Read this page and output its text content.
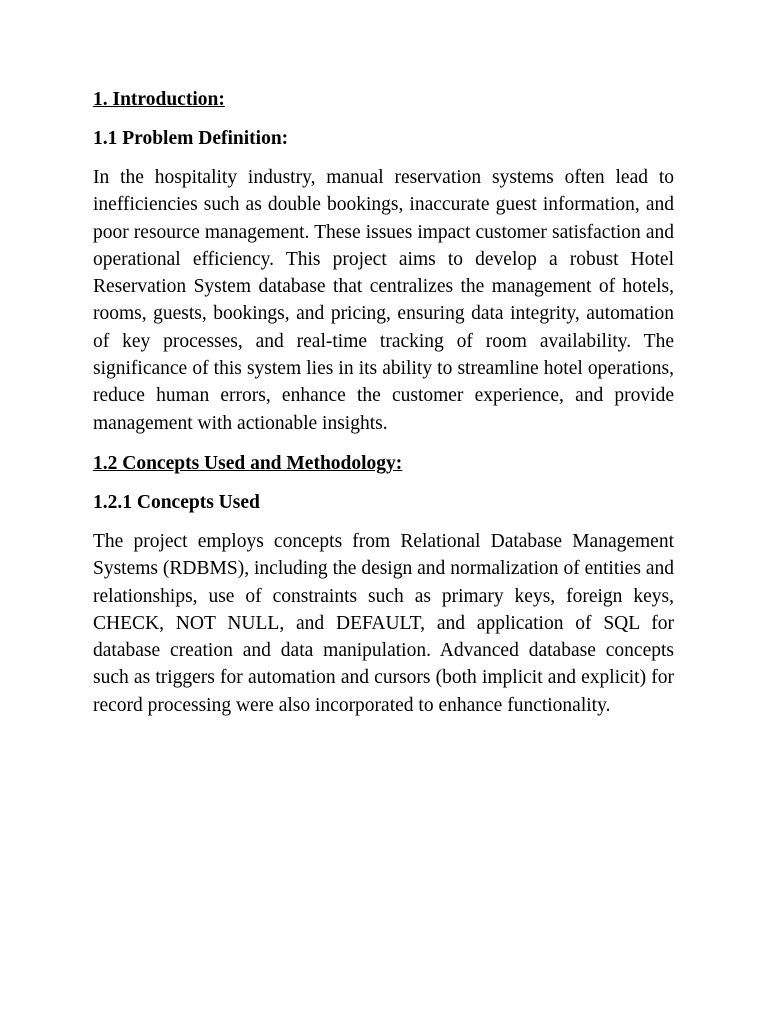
1. Introduction:
1.1 Problem Definition:

In the hospitality industry, manual reservation systems often lead to inefficiencies such as double bookings, inaccurate guest information, and poor resource management. These issues impact customer satisfaction and operational efficiency. This project aims to develop a robust Hotel Reservation System database that centralizes the management of hotels, rooms, guests, bookings, and pricing, ensuring data integrity, automation of key processes, and real-time tracking of room availability. The significance of this system lies in its ability to streamline hotel operations, reduce human errors, enhance the customer experience, and provide management with actionable insights.

1.2 Concepts Used and Methodology:
1.2.1 Concepts Used

The project employs concepts from Relational Database Management Systems (RDBMS), including the design and normalization of entities and relationships, use of constraints such as primary keys, foreign keys, CHECK, NOT NULL, and DEFAULT, and application of SQL for database creation and data manipulation. Advanced database concepts such as triggers for automation and cursors (both implicit and explicit) for record processing were also incorporated to enhance functionality.
